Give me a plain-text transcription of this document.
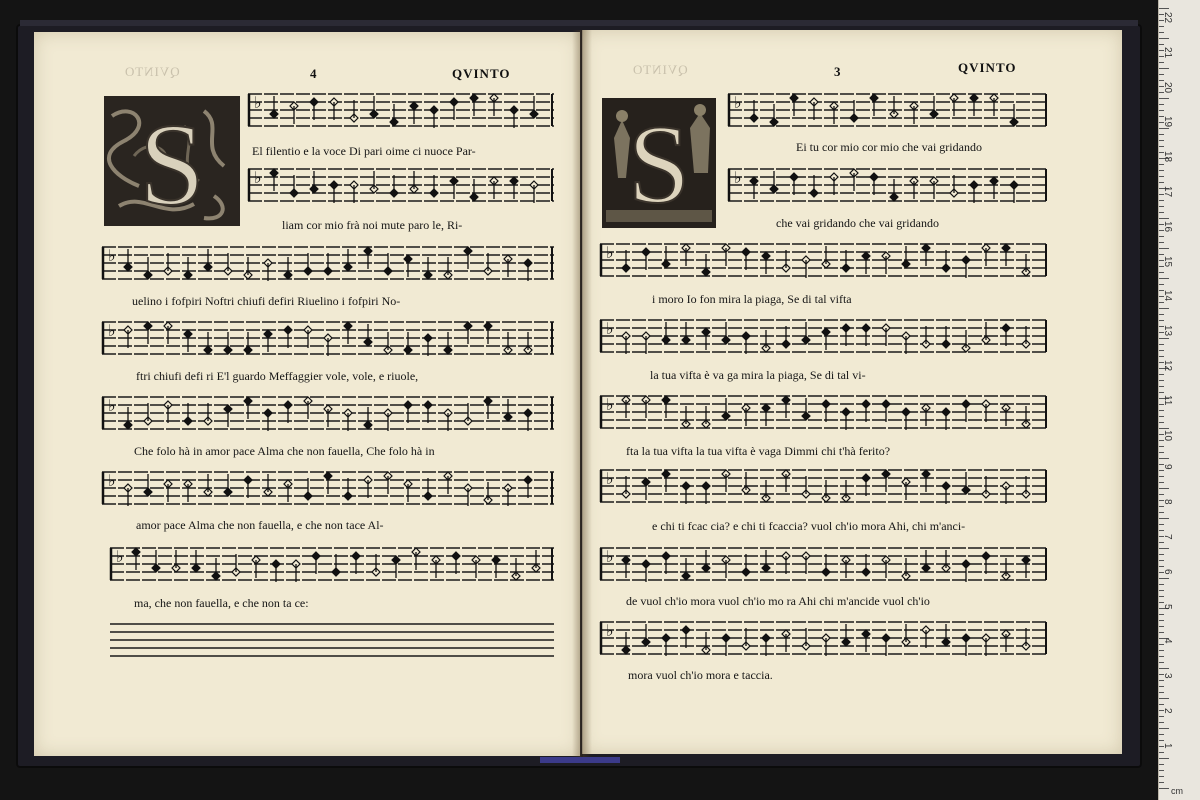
QVINTO	4	QVINTO
S
QVINTO	3	QVINTO
S
♭
El filentio e la voce Di pari oime ci nuoce Par-
♭
liam cor mio frà noi mute paro le, Ri-
♭
uelino i fofpiri Noftri chiufi defiri Riuelino i fofpiri No-
♭
ftri chiufi defi ri E'l guardo Meffaggier vole, vole, e riuole,
♭
Che folo hà in amor pace Alma che non fauella, Che folo hà in
♭
amor pace Alma che non fauella, e che non tace Al-
♭
ma, che non fauella, e che non ta ce:
♭
Ei tu cor mio cor mio che vai gridando
♭
che vai gridando che vai gridando
♭
i moro Io fon mira la piaga, Se di tal vifta
♭
la tua vifta è va ga mira la piaga, Se di tal vi-
♭
fta la tua vifta la tua vifta è vaga Dimmi chi t'hà ferito?
♭
e chi ti fcac cia? e chi ti fcaccia? vuol ch'io mora Ahi, chi m'anci-
♭
de vuol ch'io mora vuol ch'io mo ra Ahi chi m'ancide vuol ch'io
♭
mora vuol ch'io mora e taccia.
cm
22
21
20
19
18
17
16
15
14
13
12
11
10
9
8
7
6
5
4
3
2
1
